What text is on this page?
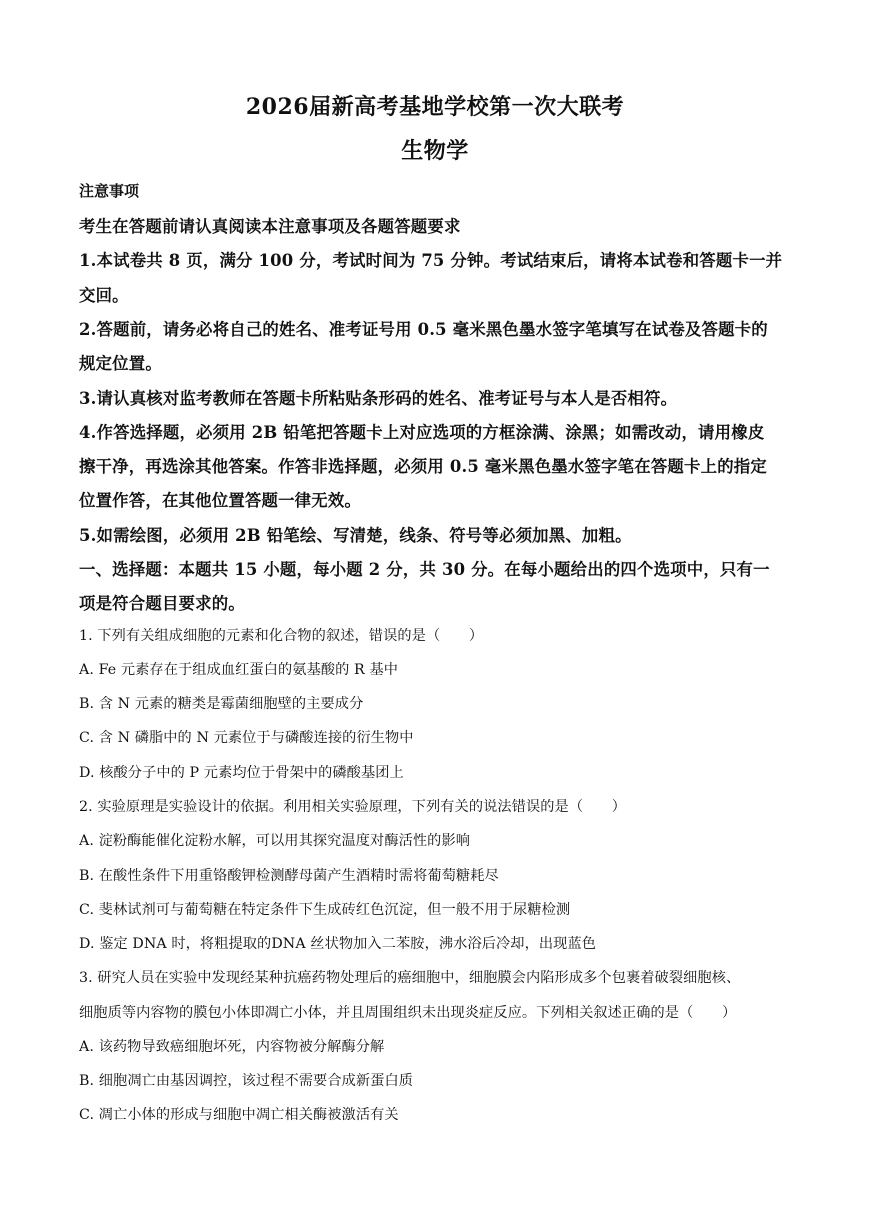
2026届新高考基地学校第一次大联考
生物学
注意事项
考生在答题前请认真阅读本注意事项及各题答题要求
1.本试卷共 8 页，满分 100 分，考试时间为 75 分钟。考试结束后，请将本试卷和答题卡一并
交回。
2.答题前，请务必将自己的姓名、准考证号用 0.5 毫米黑色墨水签字笔填写在试卷及答题卡的
规定位置。
3.请认真核对监考教师在答题卡所粘贴条形码的姓名、准考证号与本人是否相符。
4.作答选择题，必须用 2B 铅笔把答题卡上对应选项的方框涂满、涂黑；如需改动，请用橡皮
擦干净，再选涂其他答案。作答非选择题，必须用 0.5 毫米黑色墨水签字笔在答题卡上的指定
位置作答，在其他位置答题一律无效。
5.如需绘图，必须用 2B 铅笔绘、写清楚，线条、符号等必须加黑、加粗。
一、选择题：本题共 15 小题，每小题 2 分，共 30 分。在每小题给出的四个选项中，只有一
项是符合题目要求的。
1. 下列有关组成细胞的元素和化合物的叙述，错误的是（　　）
A. Fe 元素存在于组成血红蛋白的氨基酸的 R 基中
B. 含 N 元素的糖类是霉菌细胞壁的主要成分
C. 含 N 磷脂中的 N 元素位于与磷酸连接的衍生物中
D. 核酸分子中的 P 元素均位于骨架中的磷酸基团上
2. 实验原理是实验设计的依据。利用相关实验原理，下列有关的说法错误的是（　　）
A. 淀粉酶能催化淀粉水解，可以用其探究温度对酶活性的影响
B. 在酸性条件下用重铬酸钾检测酵母菌产生酒精时需将葡萄糖耗尽
C. 斐林试剂可与葡萄糖在特定条件下生成砖红色沉淀，但一般不用于尿糖检测
D. 鉴定 DNA 时，将粗提取的DNA 丝状物加入二苯胺，沸水浴后冷却，出现蓝色
3. 研究人员在实验中发现经某种抗癌药物处理后的癌细胞中，细胞膜会内陷形成多个包裹着破裂细胞核、
细胞质等内容物的膜包小体即凋亡小体，并且周围组织未出现炎症反应。下列相关叙述正确的是（　　）
A. 该药物导致癌细胞坏死，内容物被分解酶分解
B. 细胞凋亡由基因调控，该过程不需要合成新蛋白质
C. 凋亡小体的形成与细胞中凋亡相关酶被激活有关
